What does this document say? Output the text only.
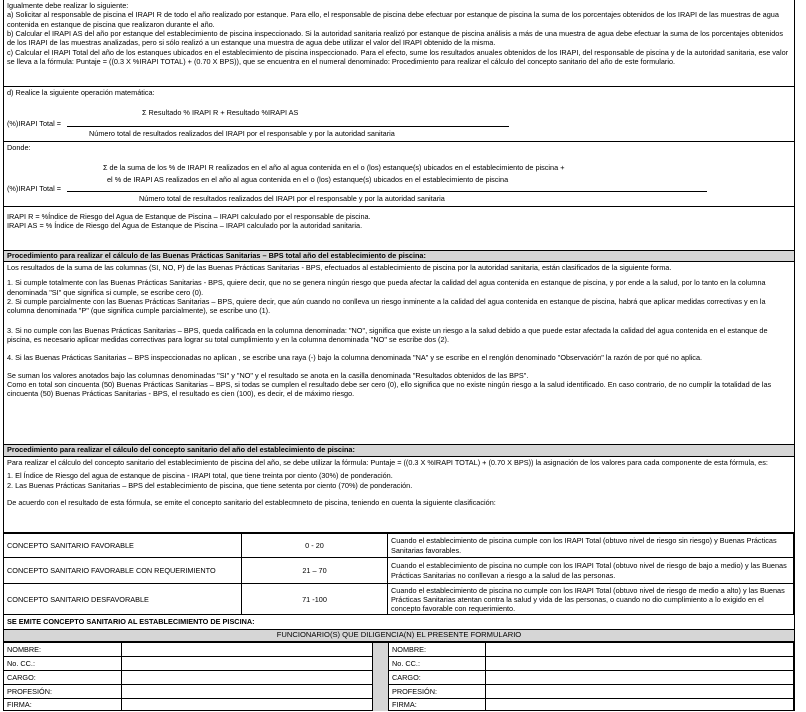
Igualmente debe realizar lo siguiente:

a) Solicitar al responsable de piscina el IRAPI R de todo el año realizado por estanque. Para ello, el responsable de piscina debe efectuar por estanque de piscina la suma de los porcentajes obtenidos de los IRAPI de las muestras de agua contenida en estanque de piscina que realizaron durante el año.

b) Calcular el IRAPI AS del año por estanque del establecimiento de piscina inspeccionado. Si la autoridad sanitaria realizó por estanque de piscina análisis a más de una muestra de agua debe efectuar la suma de los porcentajes obtenidos de los IRAPI de las muestras analizadas, pero si sólo realizó a un estanque una muestra de agua debe utilizar el valor del IRAPI obtenido de la misma.

c) Calcular el IRAPI Total del año de los estanques ubicados en el establecimiento de piscina inspeccionado. Para el efecto, sume los resultados anuales obtenidos de los IRAPI, del responsable de piscina y de la autoridad sanitaria, ese valor se lleva a la fórmula: Puntaje = ((0.3 X %IRAPI TOTAL) + (0.70 X BPS)), que se encuentra en el numeral denominado: Procedimiento para realizar el cálculo del concepto sanitario del año de este formulario.

d) Realice la siguiente operación matemática:
Σ Resultado % IRAPI R + Resultado %IRAPI AS
(%)IRAPI Total =
Número total de resultados realizados del IRAPI por el responsable y por la autoridad sanitaria
Donde:
Σ de la suma de los % de IRAPI R realizados en el año al agua contenida en el o (los) estanque(s) ubicados en el establecimiento de piscina +
el % de IRAPI AS realizados en el año al agua contenida en el o (los) estanque(s) ubicados en el establecimiento de piscina
(%)IRAPI Total =
Número total de resultados realizados del IRAPI por el responsable y por la autoridad sanitaria

IRAPI R = %Índice de Riesgo del Agua de Estanque de Piscina – IRAPI calculado por el responsable de piscina.

IRAPI AS = % Índice de Riesgo del Agua de Estanque de Piscina – IRAPI calculado por la autoridad sanitaria.

Procedimiento para realizar el cálculo de las Buenas Prácticas Sanitarias – BPS total año del establecimiento de piscina:

Los resultados de la suma de las columnas (SI, NO, P) de las Buenas Prácticas Sanitarias - BPS, efectuados al establecimiento de piscina por la autoridad sanitaria, están clasificados de la siguiente forma.

1. Si cumple totalmente con las Buenas Prácticas Sanitarias - BPS, quiere decir, que no se genera ningún riesgo que pueda afectar la calidad del agua contenida en estanque de piscina, y por ende a la salud, por lo tanto en la columna denominada "SI" que significa si cumple, se escribe cero (0).

2. Si cumple parcialmente con las Buenas Prácticas Sanitarias – BPS, quiere decir, que aún cuando no conlleva un riesgo inminente a la calidad del agua contenida en estanque de piscina, habrá que aplicar medidas correctivas y en la columna denominada "P" (que significa cumple parcialmente), se escribe uno (1).

3. Si no cumple con las Buenas Prácticas Sanitarias – BPS, queda calificada en la columna denominada: "NO", significa que existe un riesgo a la salud debido a que puede estar afectada la calidad del agua contenida en el estanque de piscina, es necesario aplicar medidas correctivas para lograr su total cumplimiento y en la columna denominada "NO" se escribe dos (2).

4. Si las Buenas Prácticas Sanitarias – BPS inspeccionadas no aplican , se escribe una raya (-) bajo la columna denominada "NA" y se escribe en el renglón denominado "Observación" la razón de por qué no aplica.

Se suman los valores anotados bajo las columnas denominadas "SI" y "NO" y el resultado se anota en la casilla denominada "Resultados obtenidos de las BPS".

Como en total son cincuenta (50) Buenas Prácticas Sanitarias – BPS, si todas se cumplen el resultado debe ser cero (0), ello significa que no existe ningún riesgo a la salud identificado. En caso contrario, de no cumplir la totalidad de las cincuenta (50) Buenas Prácticas Sanitarias - BPS, el resultado es cien (100), es decir, el de máximo riesgo.

Procedimiento para realizar el cálculo del concepto sanitario del año del establecimiento de piscina:

Para realizar el cálculo del concepto sanitario del establecimiento de piscina del año, se debe utilizar la fórmula: Puntaje = ((0.3 X %IRAPI TOTAL) + (0.70 X BPS)) la asignación de los valores para cada componente de esta fórmula, es:

1. El Índice de Riesgo del agua de estanque de piscina - IRAPI total, que tiene treinta por ciento (30%) de ponderación.

2. Las Buenas Prácticas Sanitarias – BPS del establecimiento de piscina, que tiene setenta por ciento (70%) de ponderación.

De acuerdo con el resultado de esta fórmula, se emite el concepto sanitario del establecmneto de piscina, teniendo en cuenta la siguiente clasificación:

CONCEPTO SANITARIO FAVORABLE	0 - 20	Cuando el establecimiento de piscina cumple con los IRAPI Total (obtuvo nivel de riesgo sin riesgo) y Buenas Prácticas Sanitarias favorables.
CONCEPTO SANITARIO FAVORABLE CON REQUERIMIENTO	21 – 70	Cuando el establecimiento de piscina no cumple con los IRAPI Total (obtuvo nivel de riesgo de bajo a medio) y las Buenas Prácticas Sanitarias no conllevan a riesgo a la salud de las personas.
CONCEPTO SANITARIO DESFAVORABLE	71 -100	Cuando el establecimiento de piscina no cumple con los IRAPI Total (obtuvo nivel de riesgo de medio a alto) y las Buenas Prácticas Sanitarias atentan contra la salud y vida de las personas, o cuando no dio cumplimiento a lo exigido en el concepto favorable con requerimiento.
SE EMITE CONCEPTO SANITARIO AL ESTABLECIMIENTO DE PISCINA:
FUNCIONARIO(S) QUE DILIGENCIA(N) EL PRESENTE FORMULARIO
NOMBRE:			NOMBRE:	
No. CC.:			No. CC.:	
CARGO:			CARGO:	
PROFESIÓN:			PROFESIÓN:	
FIRMA:			FIRMA:	
